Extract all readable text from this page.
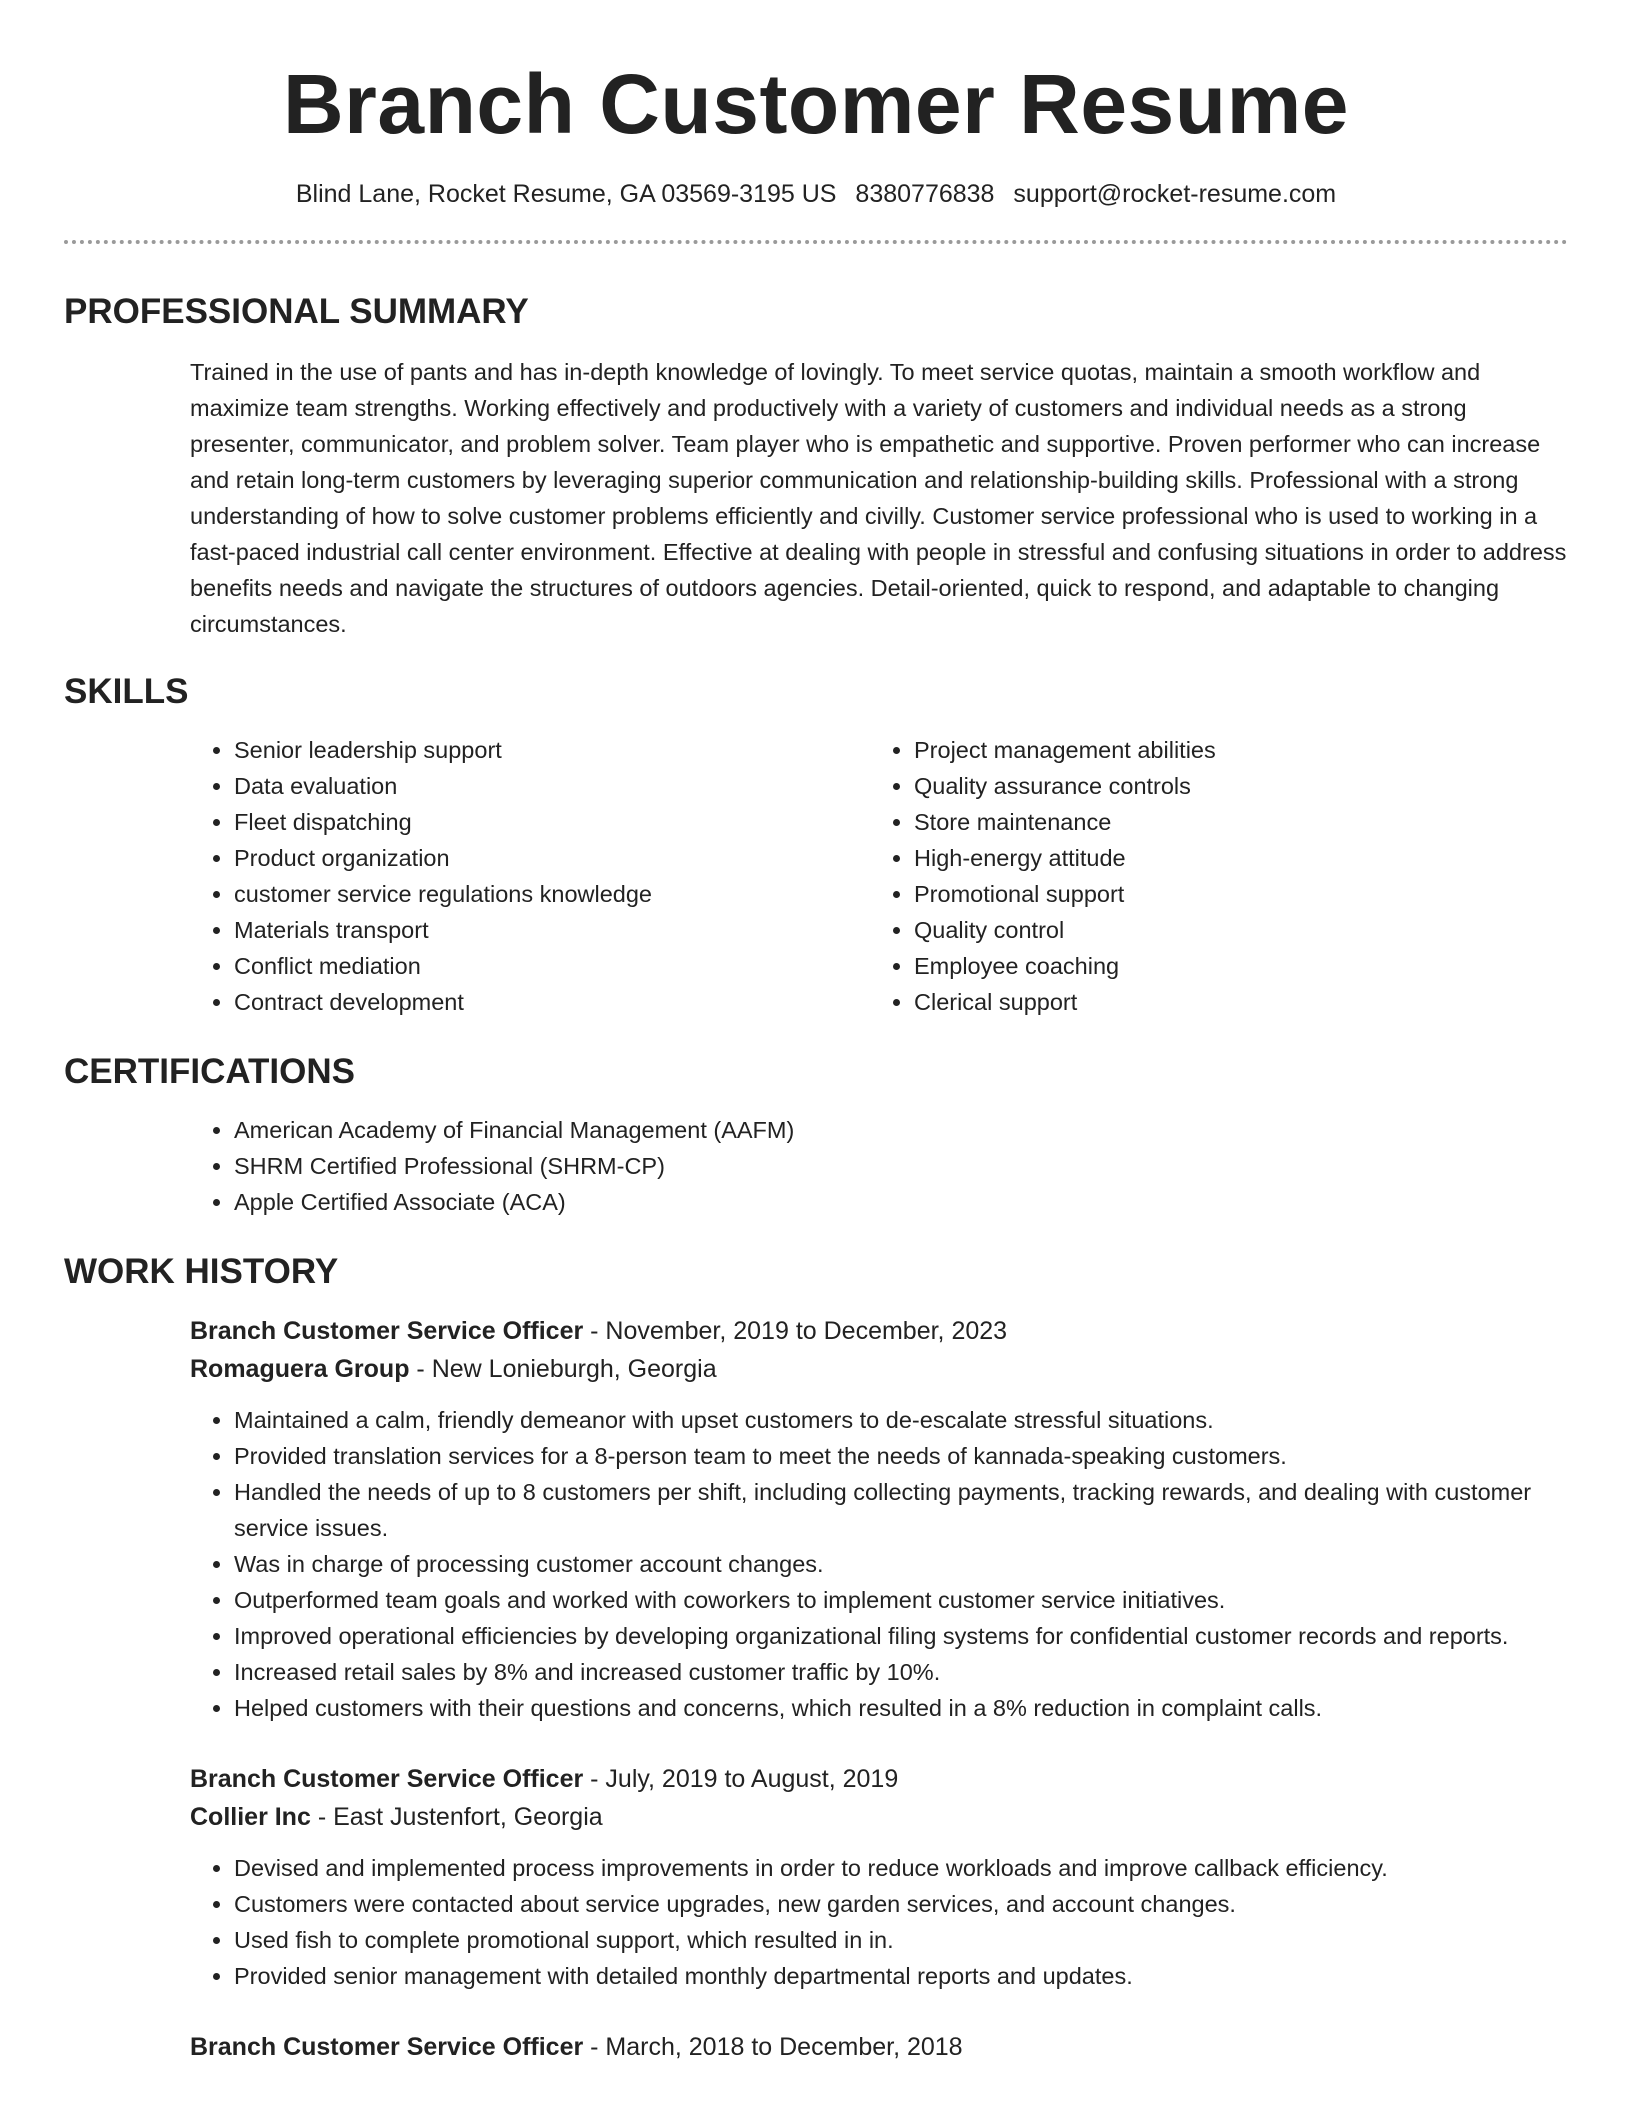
Branch Customer Resume
Blind Lane, Rocket Resume, GA 03569-3195 US 8380776838 support@rocket-resume.com
PROFESSIONAL SUMMARY

Trained in the use of pants and has in-depth knowledge of lovingly. To meet service quotas, maintain a smooth workflow and maximize team strengths. Working effectively and productively with a variety of customers and individual needs as a strong presenter, communicator, and problem solver. Team player who is empathetic and supportive. Proven performer who can increase and retain long-term customers by leveraging superior communication and relationship-building skills. Professional with a strong understanding of how to solve customer problems efficiently and civilly. Customer service professional who is used to working in a fast-paced industrial call center environment. Effective at dealing with people in stressful and confusing situations in order to address benefits needs and navigate the structures of outdoors agencies. Detail-oriented, quick to respond, and adaptable to changing circumstances.

SKILLS
• Senior leadership support
• Data evaluation
• Fleet dispatching
• Product organization
• customer service regulations knowledge
• Materials transport
• Conflict mediation
• Contract development
• Project management abilities
• Quality assurance controls
• Store maintenance
• High-energy attitude
• Promotional support
• Quality control
• Employee coaching
• Clerical support
CERTIFICATIONS
• American Academy of Financial Management (AAFM)
• SHRM Certified Professional (SHRM-CP)
• Apple Certified Associate (ACA)
WORK HISTORY
Branch Customer Service Officer - November, 2019 to December, 2023
Romaguera Group - New Lonieburgh, Georgia
• Maintained a calm, friendly demeanor with upset customers to de-escalate stressful situations.
• Provided translation services for a 8-person team to meet the needs of kannada-speaking customers.
• Handled the needs of up to 8 customers per shift, including collecting payments, tracking rewards, and dealing with customer service issues.
• Was in charge of processing customer account changes.
• Outperformed team goals and worked with coworkers to implement customer service initiatives.
• Improved operational efficiencies by developing organizational filing systems for confidential customer records and reports.
• Increased retail sales by 8% and increased customer traffic by 10%.
• Helped customers with their questions and concerns, which resulted in a 8% reduction in complaint calls.
Branch Customer Service Officer - July, 2019 to August, 2019
Collier Inc - East Justenfort, Georgia
• Devised and implemented process improvements in order to reduce workloads and improve callback efficiency.
• Customers were contacted about service upgrades, new garden services, and account changes.
• Used fish to complete promotional support, which resulted in in.
• Provided senior management with detailed monthly departmental reports and updates.
Branch Customer Service Officer - March, 2018 to December, 2018
